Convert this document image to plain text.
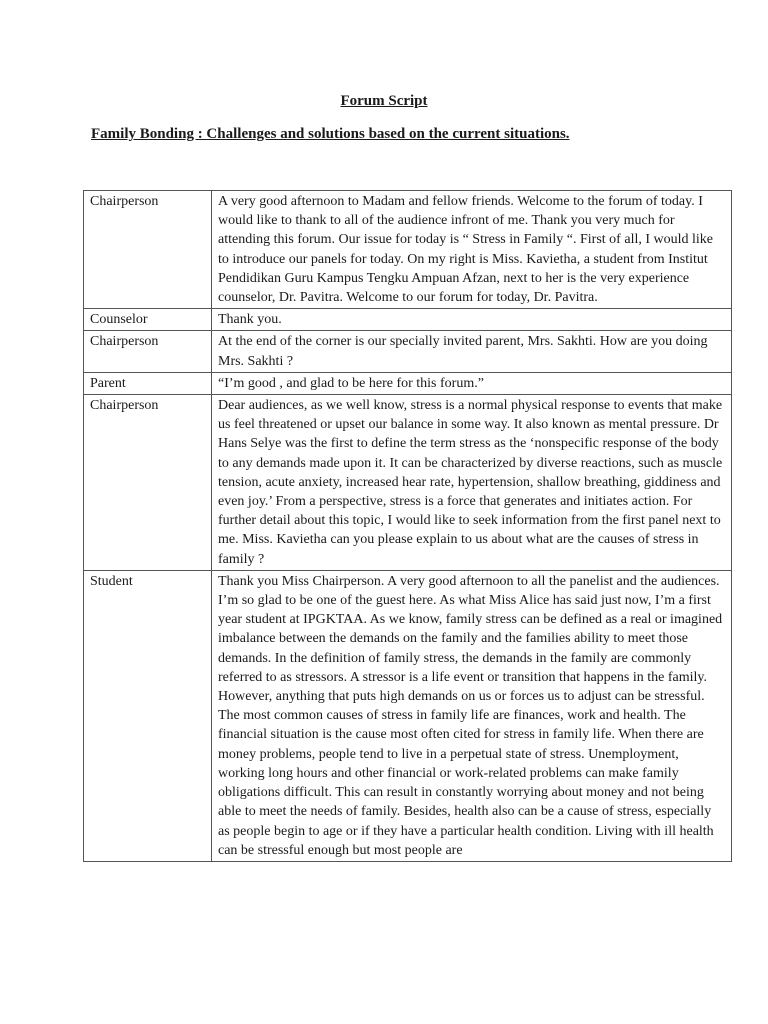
Forum Script
Family Bonding : Challenges and solutions based on the current situations.
Chairperson	A very good afternoon to Madam and fellow friends. Welcome to the forum of today. I would like to thank to all of the audience infront of me. Thank you very much for attending this forum. Our issue for today is “ Stress in Family “. First of all, I would like to introduce our panels for today. On my right is Miss. Kavietha, a student from Institut Pendidikan Guru Kampus Tengku Ampuan Afzan, next to her is the very experience counselor, Dr. Pavitra. Welcome to our forum for today, Dr. Pavitra.
Counselor	Thank you.
Chairperson	At the end of the corner is our specially invited parent, Mrs. Sakhti. How are you doing Mrs. Sakhti ?
Parent	“I’m good , and glad to be here for this forum.”
Chairperson	Dear audiences, as we well know, stress is a normal physical response to events that make us feel threatened or upset our balance in some way. It also known as mental pressure. Dr Hans Selye was the first to define the term stress as the ‘nonspecific response of the body to any demands made upon it. It can be characterized by diverse reactions, such as muscle tension, acute anxiety, increased hear rate, hypertension, shallow breathing, giddiness and even joy.’ From a perspective, stress is a force that generates and initiates action. For further detail about this topic, I would like to seek information from the first panel next to me. Miss. Kavietha can you please explain to us about what are the causes of stress in family ?
Student	Thank you Miss Chairperson. A very good afternoon to all the panelist and the audiences. I’m so glad to be one of the guest here. As what Miss Alice has said just now, I’m a first year student at IPGKTAA. As we know, family stress can be defined as a real or imagined imbalance between the demands on the family and the families ability to meet those demands. In the definition of family stress, the demands in the family are commonly referred to as stressors. A stressor is a life event or transition that happens in the family. However, anything that puts high demands on us or forces us to adjust can be stressful. The most common causes of stress in family life are finances, work and health. The financial situation is the cause most often cited for stress in family life. When there are money problems, people tend to live in a perpetual state of stress. Unemployment, working long hours and other financial or work-related problems can make family obligations difficult. This can result in constantly worrying about money and not being able to meet the needs of family. Besides, health also can be a cause of stress, especially as people begin to age or if they have a particular health condition. Living with ill health can be stressful enough but most people are
